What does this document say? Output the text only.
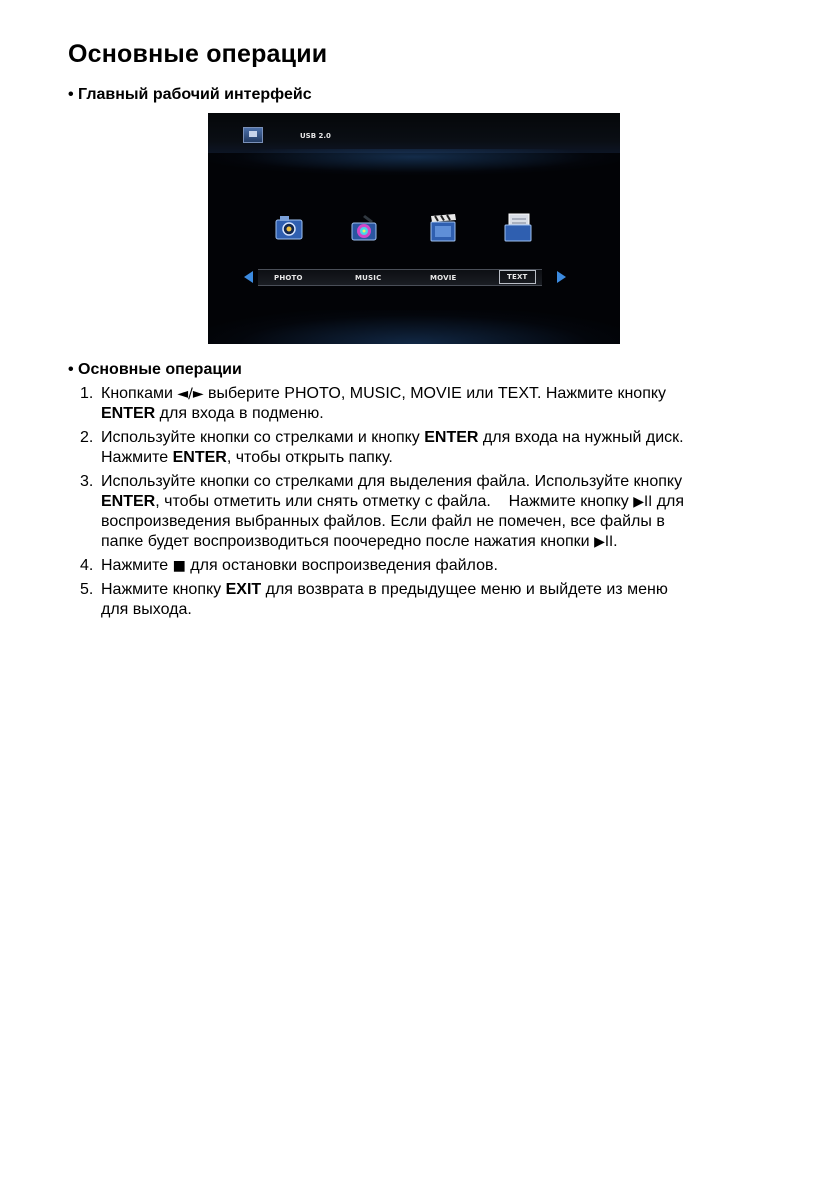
Основные операции
• Главный рабочий интерфейс
USB 2.0
PHOTO	MUSIC	MOVIE	TEXT
• Основные операции
1. Кнопками ◄/► выберите PHOTO, MUSIC, MOVIE или TEXT. Нажмите кнопку
ENTER для входа в подменю.
2. Используйте кнопки со стрелками и кнопку ENTER для входа на нужный диск.
Нажмите ENTER, чтобы открыть папку.
3. Используйте кнопки со стрелками для выделения файла. Используйте кнопку
ENTER, чтобы отметить или снять отметку с файла.    Нажмите кнопку ▶II для
воспроизведения выбранных файлов. Если файл не помечен, все файлы в
папке будет воспроизводиться поочередно после нажатия кнопки ▶II.
4. Нажмите ■ для остановки воспроизведения файлов.
5. Нажмите кнопку EXIT для возврата в предыдущее меню и выйдете из меню
для выхода.
